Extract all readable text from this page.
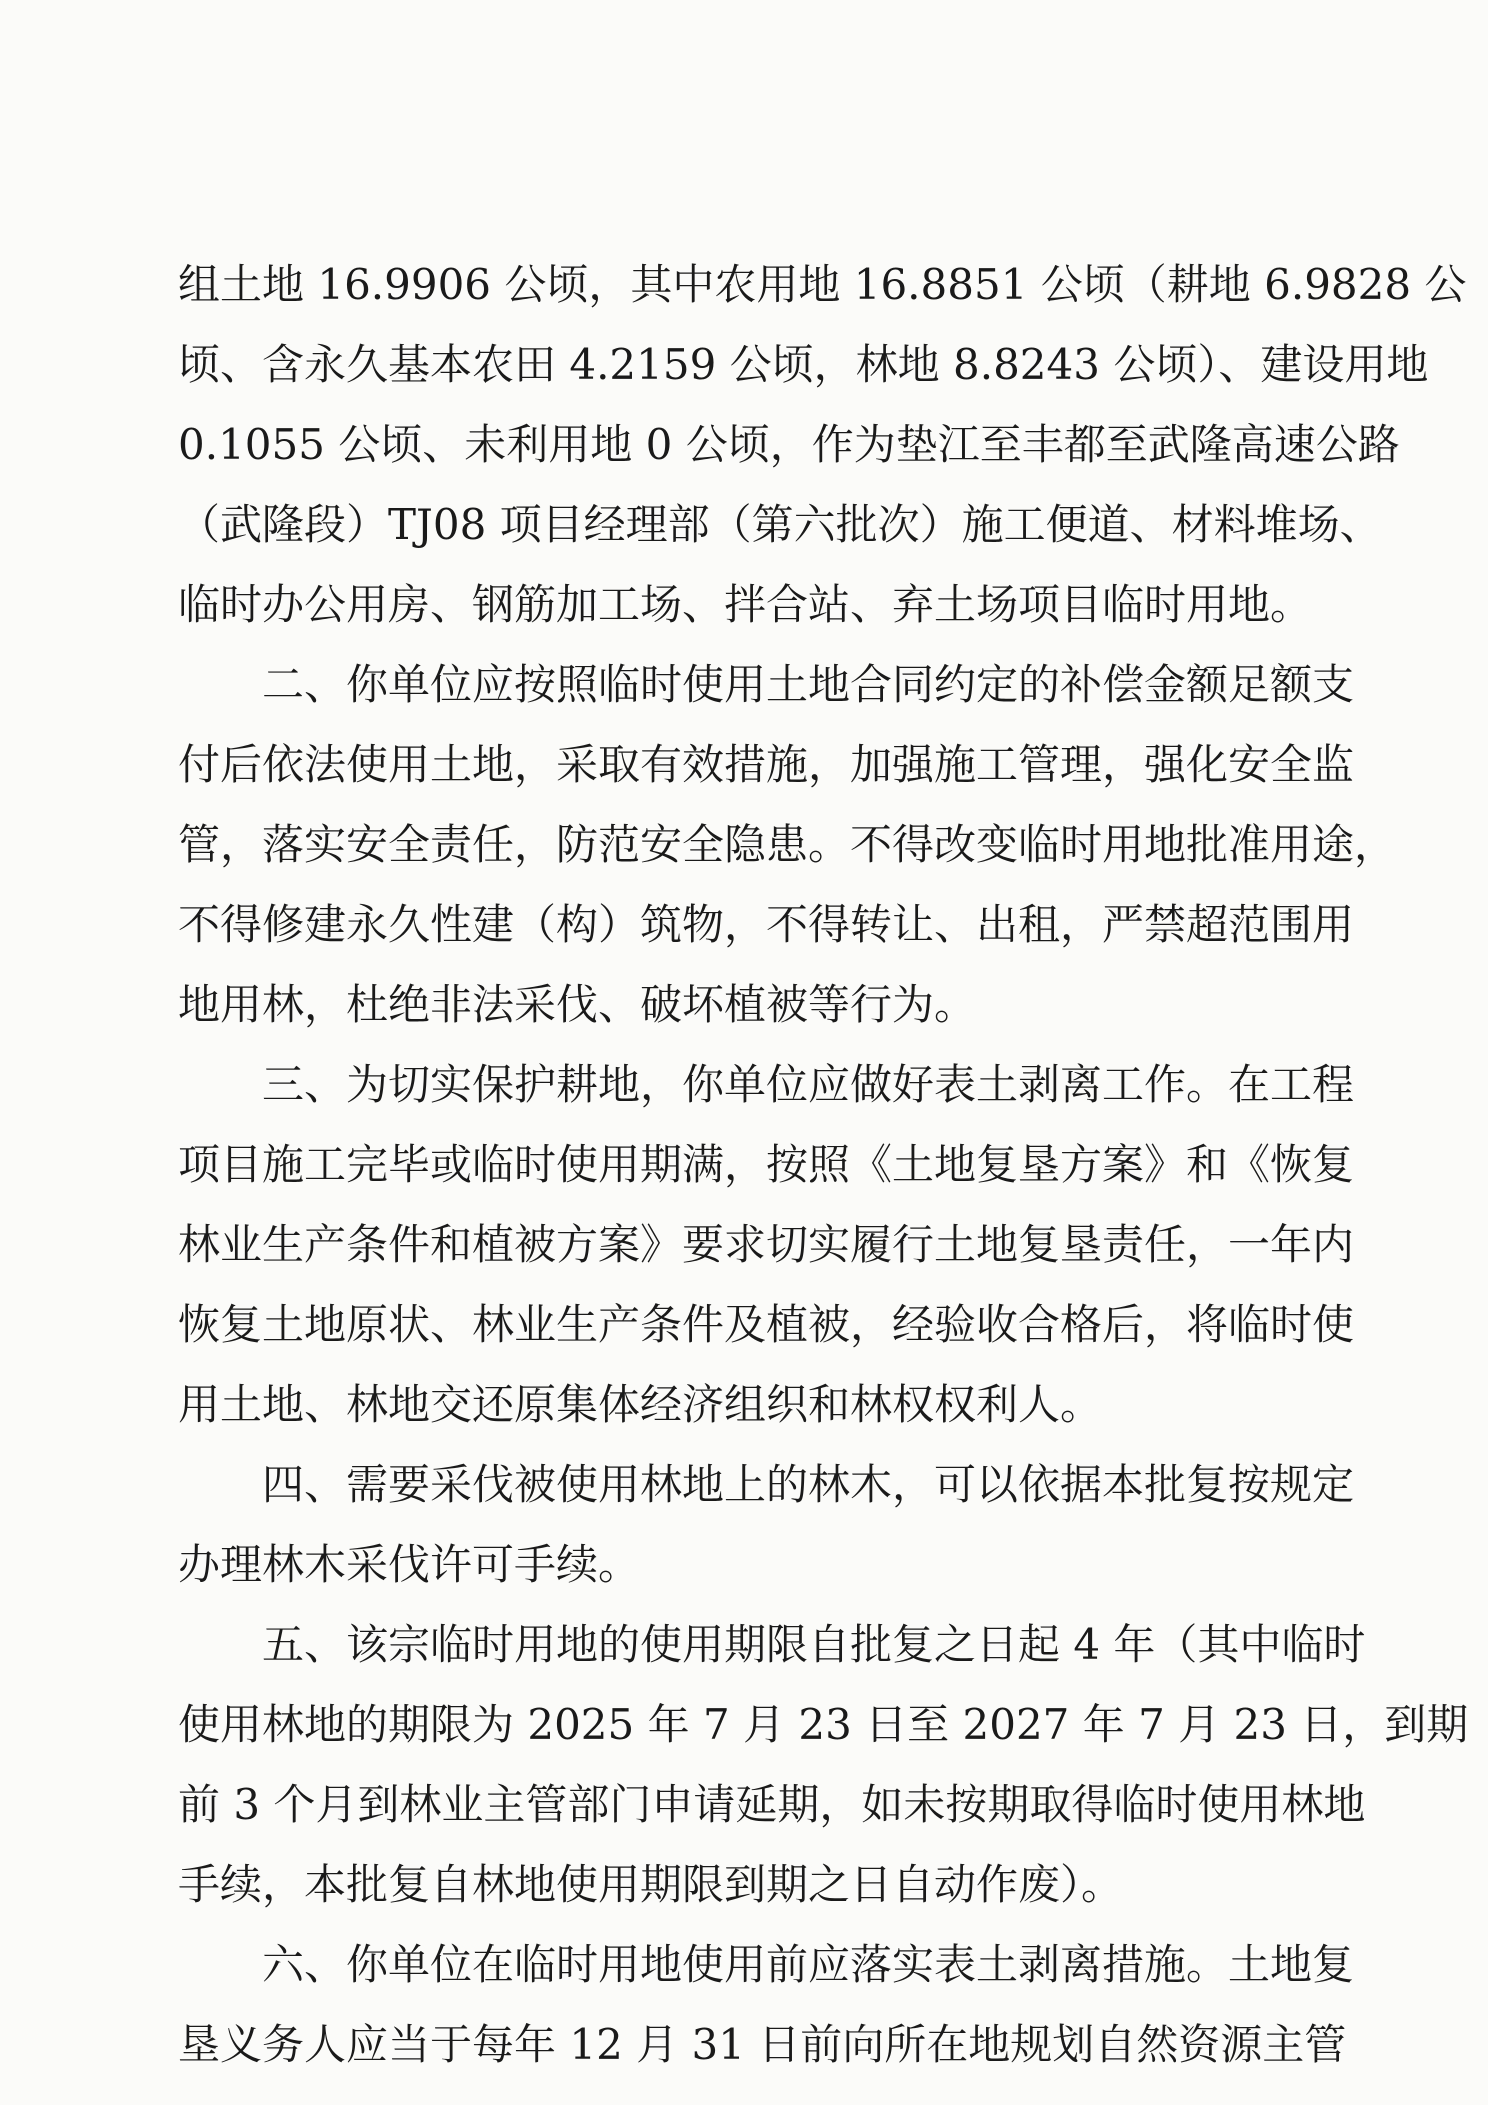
组土地 16.9906 公顷，其中农用地 16.8851 公顷（耕地 6.9828 公
顷、含永久基本农田 4.2159 公顷，林地 8.8243 公顷）、建设用地
0.1055 公顷、未利用地 0 公顷，作为垫江至丰都至武隆高速公路
（武隆段）TJ08 项目经理部（第六批次）施工便道、材料堆场、
临时办公用房、钢筋加工场、拌合站、弃土场项目临时用地。
二、你单位应按照临时使用土地合同约定的补偿金额足额支
付后依法使用土地，采取有效措施，加强施工管理，强化安全监
管，落实安全责任，防范安全隐患。不得改变临时用地批准用途，
不得修建永久性建（构）筑物，不得转让、出租，严禁超范围用
地用林，杜绝非法采伐、破坏植被等行为。
三、为切实保护耕地，你单位应做好表土剥离工作。在工程
项目施工完毕或临时使用期满，按照《土地复垦方案》和《恢复
林业生产条件和植被方案》要求切实履行土地复垦责任，一年内
恢复土地原状、林业生产条件及植被，经验收合格后，将临时使
用土地、林地交还原集体经济组织和林权权利人。
四、需要采伐被使用林地上的林木，可以依据本批复按规定
办理林木采伐许可手续。
五、该宗临时用地的使用期限自批复之日起 4 年（其中临时
使用林地的期限为 2025 年 7 月 23 日至 2027 年 7 月 23 日，到期
前 3 个月到林业主管部门申请延期，如未按期取得临时使用林地
手续，本批复自林地使用期限到期之日自动作废）。
六、你单位在临时用地使用前应落实表土剥离措施。土地复
垦义务人应当于每年 12 月 31 日前向所在地规划自然资源主管
